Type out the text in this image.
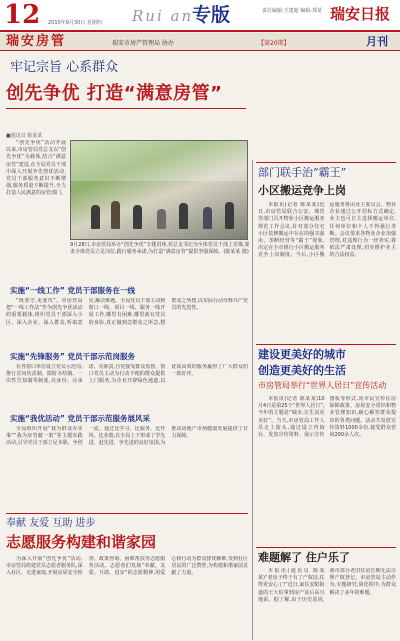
12 2010年9月30日 星期四 Rui an
专版	责任编辑:王建超 编辑:郑某 瑞安日报
瑞安房管	瑞安市房产管理局 协办	【第20期】	月刊
牢记宗旨 心系群众
创先争优 打造“满意房管”
■通讯员 陈某某

“创先争优”活动开展以来,市房管局党总支以“创先争优”为载体,结合“满意房管”建设,在全局党员干部中深入开展争先创优活动,党员干部服务意识不断增强,服务质量不断提升,全力打造人民满意的房管部门。

9月28日,市房管局举办“创先争优”专题讲座,党总支书记为全体党员干部上党课,要求全体党员立足岗位,践行服务承诺,为打造“满意房管”提供坚强保障。(陈某某 摄)
实施“一线工作” 党员干部服务在一线

“既要守,更要攻”。市房管局把“一线工作法”作为创先争优活动的重要载体,组织党员干部深入小区、深入企业、深入群众,听取意见,解决难题。全局党员干部主动到窗口一线、项目一线、服务一线开展工作,哪里有困难,哪里就有党员的身影,真正做到急群众之所急,想群众之所想,以实际行动诠释共产党员的先进性。

实施“先锋服务” 党员干部示范岗服务

在各窗口单位设立党员示范岗,推行首问负责制、限时办结制、一次性告知制等制度,亮身份、亮承诺、亮职责,自觉接受群众监督。窗口党员主动为行动不便的群众提供上门服务,为企业开辟绿色通道,以优质高效的服务赢得了广大群众的一致好评。

实施“我优活动” 党员干部示范服务展风采

全局组织开展“我为群众办实事”“我为房管献一策”等主题实践活动,引导党员干部立足本职、争创一流。通过比学习、比服务、比作风、比业绩,在全局上下形成了学先进、赶先进、争先进的良好氛围,为推动房地产市场健康发展提供了有力保障。

部门联手治“霸王”
小区搬运竞争上岗

本报讯(记者 陈某某)近日,市房管局联合公安、城管等部门召开物业小区搬运服务规范工作会议,针对部分住宅小区装修搬运中存在的强买强卖、垄断经营等“霸王”现象,决定在全市推行小区搬运服务竞争上岗制度。今后,小区搬运服务将由业主委员会、物业企业通过公开招标方式确定,业主也可自主选择搬运单位,任何单位和个人不得强行垄断。会议要求各物业企业加强管理,对违规行为一经查实,将依法严肃处理,切实维护业主的合法权益。

建设更美好的城市
创造更美好的生活
市房管局举行“世界人居日”宣传活动

本报讯(记者 陈某某)10月4日是第25个“世界人居日”,今年的主题是“城市,让生活更美好”。当天,市房管局工作人员走上街头,通过设立咨询台、发放宣传资料、展示宣传图板等形式,向市民宣传住房保障政策、房屋安全常识和物业管理知识,耐心解答群众提出的各类问题。活动共发放宣传资料1000余份,接受群众咨询200余人次。

奉献 友爱 互助 进步
志愿服务构建和谐家园

为深入开展“创先争优”活动,市房管局组建党员志愿者服务队,深入社区、走进家庭,开展房屋安全检查、政策咨询、困难帮扶等志愿服务活动。志愿者们发扬“奉献、友爱、互助、进步”的志愿精神,用爱心和行动为群众排忧解难,受到社区居民的广泛赞誉,为构建和谐家园贡献了力量。

难题解了 住户乐了

本报讯(通讯员 陈某某)“老房子终于有了产权证,住得更安心了!”近日,家住安阳街道的王大伯拿到房产证后高兴地说。据了解,由于历史原因,我市部分老旧住房长期无法办理产权登记。市房管局主动作为,专题研究,简化程序,为群众解决了多年的难题。
